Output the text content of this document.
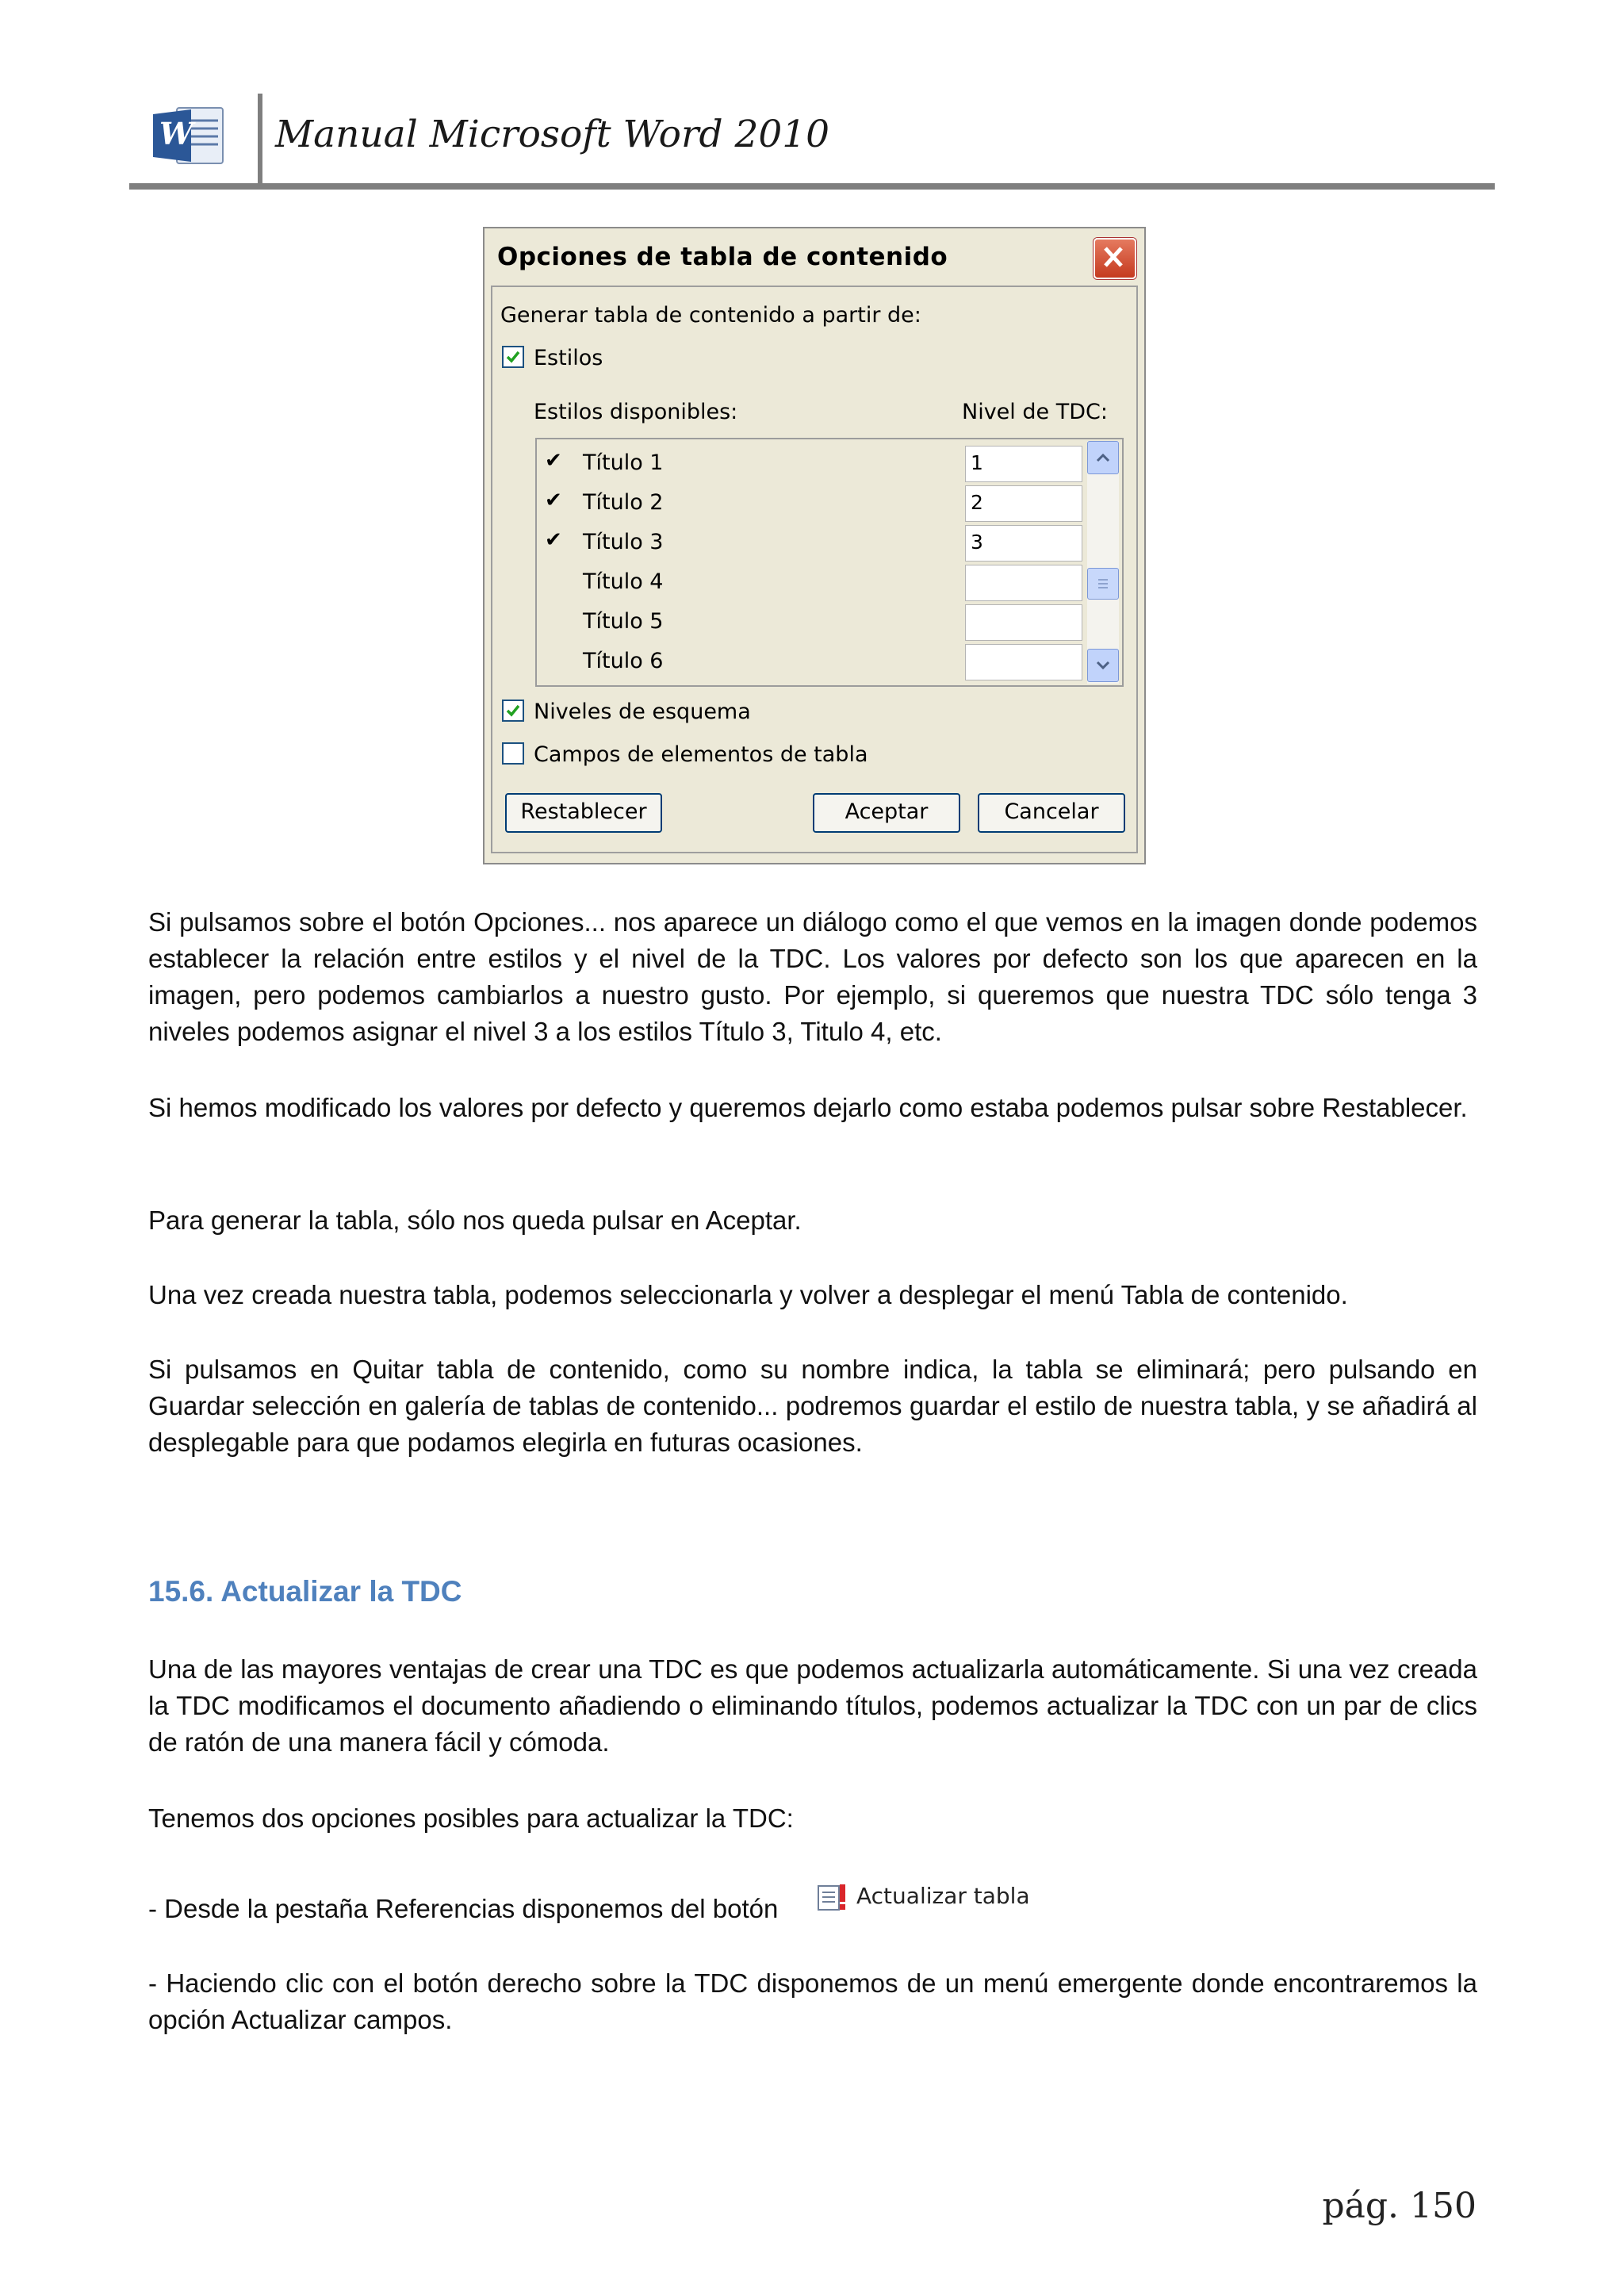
W Manual Microsoft Word 2010
Opciones de tabla de contenido
Generar tabla de contenido a partir de:
Estilos
Estilos disponibles:	Nivel de TDC:
✔ Título 1	1
✔ Título 2	2
✔ Título 3	3
Título 4
Título 5
Título 6
Niveles de esquema
Campos de elementos de tabla
Restablecer	Aceptar	Cancelar
Si pulsamos sobre el botón Opciones... nos aparece un diálogo como el que vemos en la imagen donde podemos establecer la relación entre estilos y el nivel de la TDC. Los valores por defecto son los que aparecen en la imagen, pero podemos cambiarlos a nuestro gusto. Por ejemplo, si queremos que nuestra TDC sólo tenga 3 niveles podemos asignar el nivel 3 a los estilos Título 3, Titulo 4, etc.
Si hemos modificado los valores por defecto y queremos dejarlo como estaba podemos pulsar sobre Restablecer.
Para generar la tabla, sólo nos queda pulsar en Aceptar.
Una vez creada nuestra tabla, podemos seleccionarla y volver a desplegar el menú Tabla de contenido.
Si pulsamos en Quitar tabla de contenido, como su nombre indica, la tabla se eliminará; pero pulsando en Guardar selección en galería de tablas de contenido... podremos guardar el estilo de nuestra tabla, y se añadirá al desplegable para que podamos elegirla en futuras ocasiones.
15.6. Actualizar la TDC
Una de las mayores ventajas de crear una TDC es que podemos actualizarla automáticamente. Si una vez creada la TDC modificamos el documento añadiendo o eliminando títulos, podemos actualizar la TDC con un par de clics de ratón de una manera fácil y cómoda.
Tenemos dos opciones posibles para actualizar la TDC:
- Desde la pestaña Referencias disponemos del botón	Actualizar tabla
- Haciendo clic con el botón derecho sobre la TDC disponemos de un menú emergente donde encontraremos la opción Actualizar campos.
pág. 150
